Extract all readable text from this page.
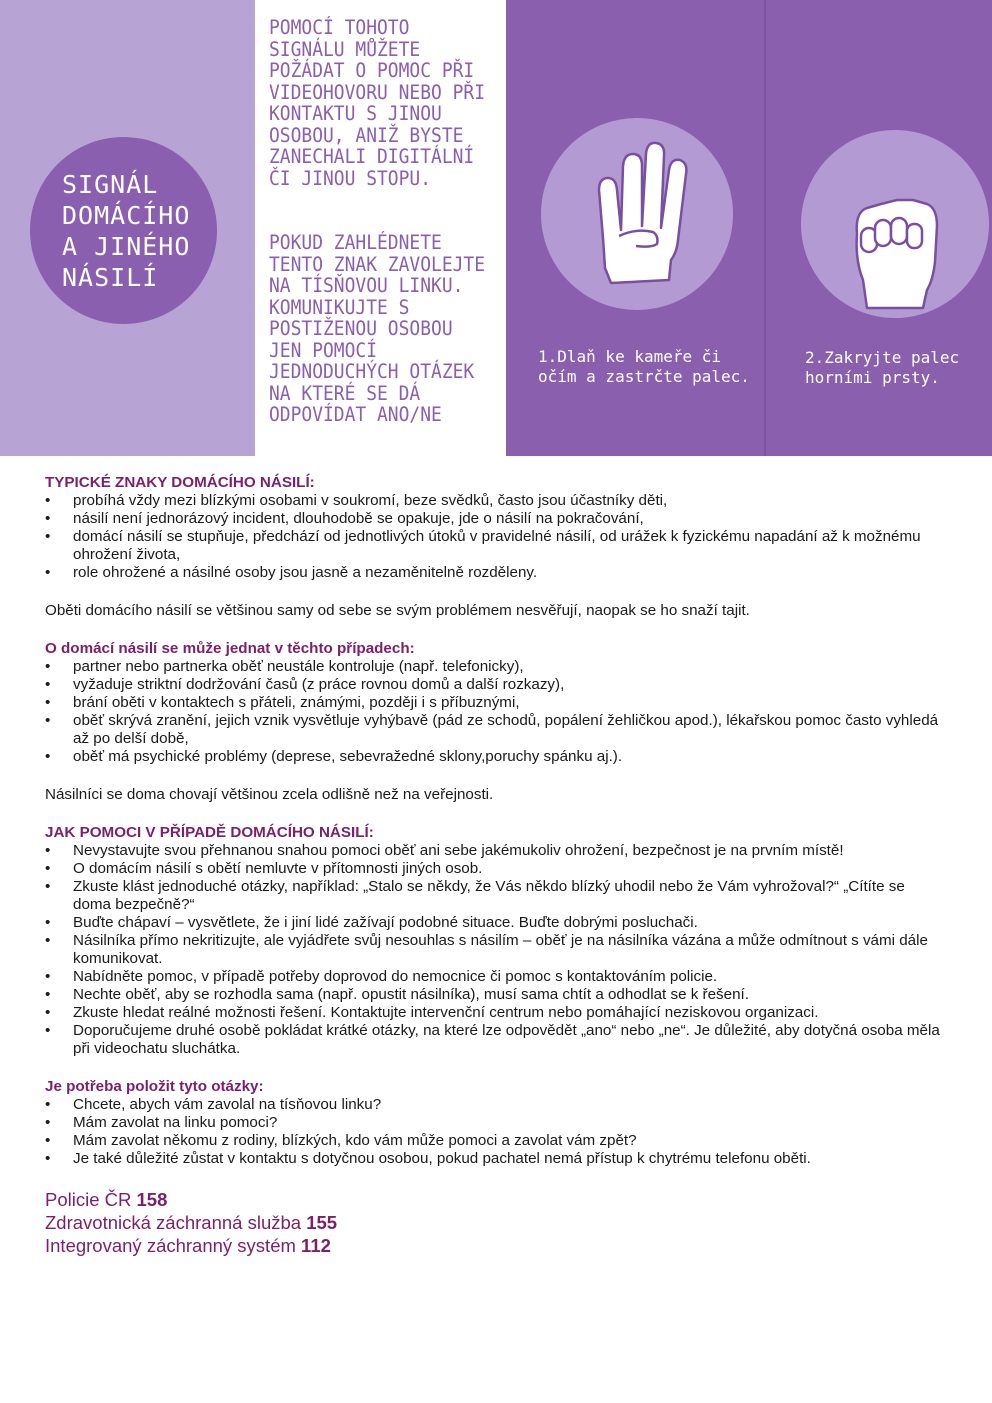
SIGNÁL
DOMÁCÍHO
A JINÉHO
NÁSILÍ
POMOCÍ TOHOTO
SIGNÁLU MŮŽETE
POŽÁDAT O POMOC PŘI
VIDEOHOVORU NEBO PŘI
KONTAKTU S JINOU
OSOBOU, ANIŽ BYSTE
ZANECHALI DIGITÁLNÍ
ČI JINOU STOPU.
POKUD ZAHLÉDNETE
TENTO ZNAK ZAVOLEJTE
NA TÍSŇOVOU LINKU.
KOMUNIKUJTE S
POSTIŽENOU OSOBOU
JEN POMOCÍ
JEDNODUCHÝCH OTÁZEK
NA KTERÉ SE DÁ
ODPOVÍDAT ANO/NE
1.Dlaň ke kameře či
očím a zastrčte palec.
2.Zakryjte palec
horními prsty.

TYPICKÉ ZNAKY DOMÁCÍHO NÁSILÍ:

• probíhá vždy mezi blízkými osobami v soukromí, beze svědků, často jsou účastníky děti,
• násilí není jednorázový incident, dlouhodobě se opakuje, jde o násilí na pokračování,
• domácí násilí se stupňuje, předchází od jednotlivých útoků v pravidelné násilí, od urážek k fyzickému napadání až k možnému ohrožení života,
• role ohrožené a násilné osoby jsou jasně a nezaměnitelně rozděleny.

Oběti domácího násilí se většinou samy od sebe se svým problémem nesvěřují, naopak se ho snaží tajit.

O domácí násilí se může jednat v těchto případech:

• partner nebo partnerka oběť neustále kontroluje (např. telefonicky),
• vyžaduje striktní dodržování časů (z práce rovnou domů a další rozkazy),
• brání oběti v kontaktech s přáteli, známými, později i s příbuznými,
• oběť skrývá zranění, jejich vznik vysvětluje vyhýbavě (pád ze schodů, popálení žehličkou apod.), lékařskou pomoc často vyhledá až po delší době,
• oběť má psychické problémy (deprese, sebevražedné sklony,poruchy spánku aj.).

Násilníci se doma chovají většinou zcela odlišně než na veřejnosti.

JAK POMOCI V PŘÍPADĚ DOMÁCÍHO NÁSILÍ:

• Nevystavujte svou přehnanou snahou pomoci oběť ani sebe jakémukoliv ohrožení, bezpečnost je na prvním místě!
• O domácím násilí s obětí nemluvte v přítomnosti jiných osob.
• Zkuste klást jednoduché otázky, například: „Stalo se někdy, že Vás někdo blízký uhodil nebo že Vám vyhrožoval?“ „Cítíte se doma bezpečně?“
• Buďte chápaví – vysvětlete, že i jiní lidé zažívají podobné situace. Buďte dobrými posluchači.
• Násilníka přímo nekritizujte, ale vyjádřete svůj nesouhlas s násilím – oběť je na násilníka vázána a může odmítnout s vámi dále komunikovat.
• Nabídněte pomoc, v případě potřeby doprovod do nemocnice či pomoc s kontaktováním policie.
• Nechte oběť, aby se rozhodla sama (např. opustit násilníka), musí sama chtít a odhodlat se k řešení.
• Zkuste hledat reálné možnosti řešení. Kontaktujte intervenční centrum nebo pomáhající neziskovou organizaci.
• Doporučujeme druhé osobě pokládat krátké otázky, na které lze odpovědět „ano“ nebo „ne“. Je důležité, aby dotyčná osoba měla při videochatu sluchátka.

Je potřeba položit tyto otázky:

• Chcete, abych vám zavolal na tísňovou linku?
• Mám zavolat na linku pomoci?
• Mám zavolat někomu z rodiny, blízkých, kdo vám může pomoci a zavolat vám zpět?
• Je také důležité zůstat v kontaktu s dotyčnou osobou, pokud pachatel nemá přístup k chytrému telefonu oběti.
Policie ČR 158
Zdravotnická záchranná služba 155
Integrovaný záchranný systém 112
